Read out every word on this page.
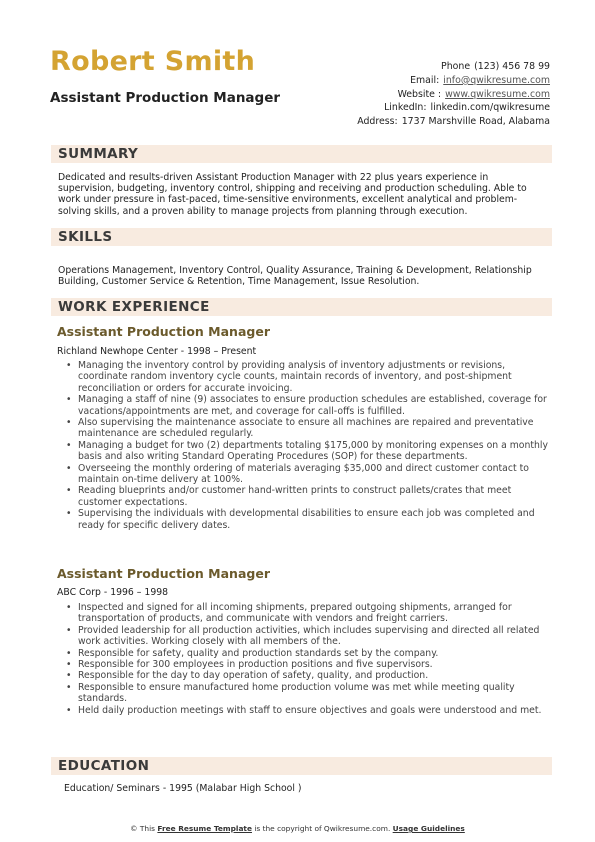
Robert Smith
Assistant Production Manager
Phone (123) 456 78 99
Email: info@qwikresume.com
Website : www.qwikresume.com
LinkedIn: linkedin.com/qwikresume
Address: 1737 Marshville Road, Alabama
SUMMARY
Dedicated and results-driven Assistant Production Manager with 22 plus years experience in supervision, budgeting, inventory control, shipping and receiving and production scheduling. Able to work under pressure in fast-paced, time-sensitive environments, excellent analytical and problem-solving skills, and a proven ability to manage projects from planning through execution.
SKILLS
Operations Management, Inventory Control, Quality Assurance, Training & Development, Relationship Building, Customer Service & Retention, Time Management, Issue Resolution.
WORK EXPERIENCE
Assistant Production Manager
Richland Newhope Center - 1998 – Present
• Managing the inventory control by providing analysis of inventory adjustments or revisions, coordinate random inventory cycle counts, maintain records of inventory, and post-shipment reconciliation or orders for accurate invoicing.
• Managing a staff of nine (9) associates to ensure production schedules are established, coverage for vacations/appointments are met, and coverage for call-offs is fulfilled.
• Also supervising the maintenance associate to ensure all machines are repaired and preventative maintenance are scheduled regularly.
• Managing a budget for two (2) departments totaling $175,000 by monitoring expenses on a monthly basis and also writing Standard Operating Procedures (SOP) for these departments.
• Overseeing the monthly ordering of materials averaging $35,000 and direct customer contact to maintain on-time delivery at 100%.
• Reading blueprints and/or customer hand-written prints to construct pallets/crates that meet customer expectations.
• Supervising the individuals with developmental disabilities to ensure each job was completed and ready for specific delivery dates.
Assistant Production Manager
ABC Corp - 1996 – 1998
• Inspected and signed for all incoming shipments, prepared outgoing shipments, arranged for transportation of products, and communicate with vendors and freight carriers.
• Provided leadership for all production activities, which includes supervising and directed all related work activities. Working closely with all members of the.
• Responsible for safety, quality and production standards set by the company.
• Responsible for 300 employees in production positions and five supervisors.
• Responsible for the day to day operation of safety, quality, and production.
• Responsible to ensure manufactured home production volume was met while meeting quality standards.
• Held daily production meetings with staff to ensure objectives and goals were understood and met.
EDUCATION
Education/ Seminars - 1995 (Malabar High School )
© This Free Resume Template is the copyright of Qwikresume.com. Usage Guidelines
